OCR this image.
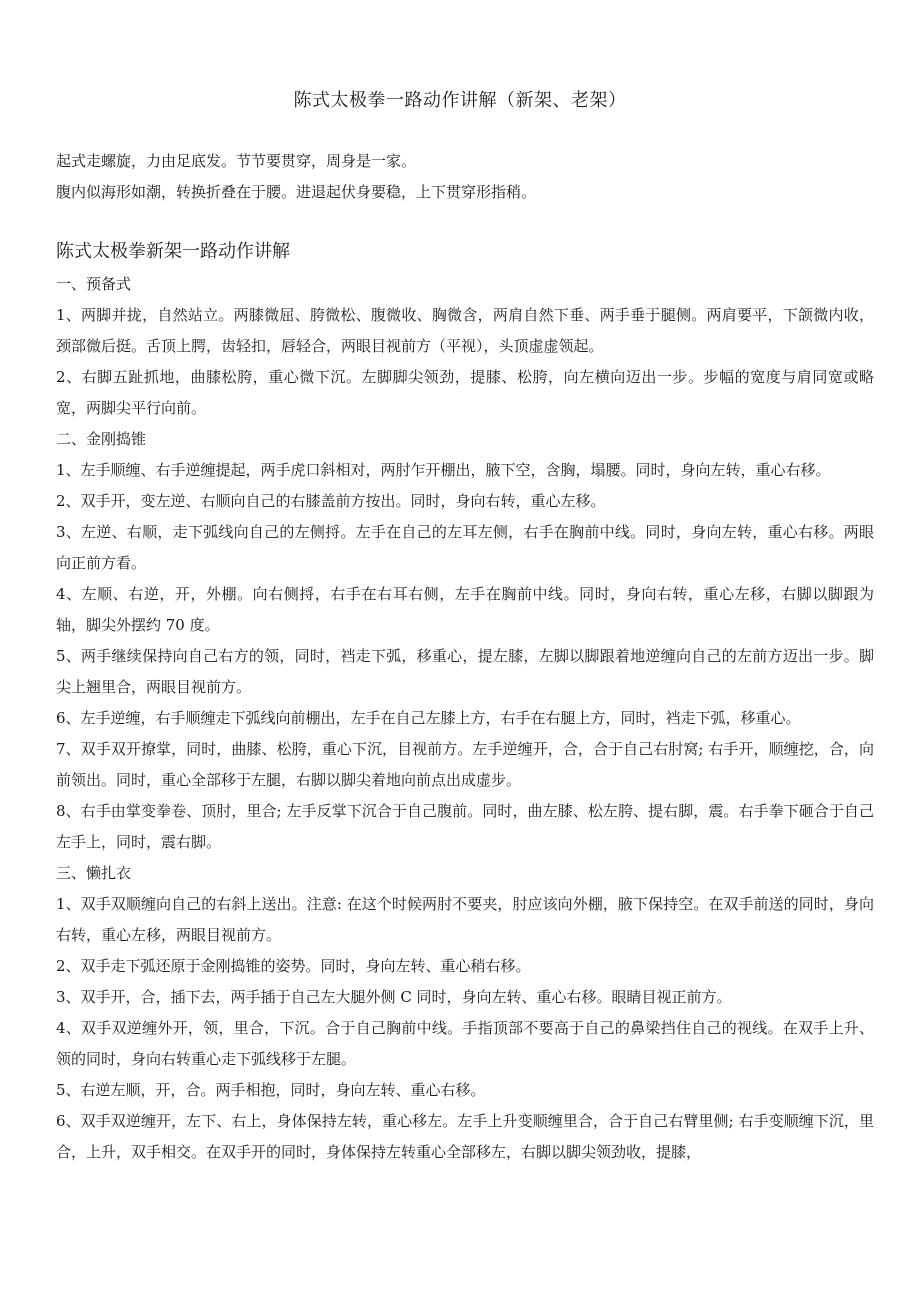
陈式太极拳一路动作讲解（新架、老架）

起式走螺旋，力由足底发。节节要贯穿，周身是一家。

腹内似海形如潮，转换折叠在于腰。进退起伏身要稳，上下贯穿形指稍。

陈式太极拳新架一路动作讲解

一、预备式

1、两脚并拢，自然站立。两膝微屈、胯微松、腹微收、胸微含，两肩自然下垂、两手垂于腿侧。两肩要平，下颌微内收，颈部微后挺。舌顶上腭，齿轻扣，唇轻合，两眼目视前方（平视），头顶虚虚领起。

2、右脚五趾抓地，曲膝松胯，重心微下沉。左脚脚尖领劲，提膝、松胯，向左横向迈出一步。步幅的宽度与肩同宽或略宽，两脚尖平行向前。

二、金刚捣锥

1、左手顺缠、右手逆缠提起，两手虎口斜相对，两肘乍开棚出，腋下空，含胸，塌腰。同时，身向左转，重心右移。

2、双手开，变左逆、右顺向自己的右膝盖前方按出。同时，身向右转，重心左移。

3、左逆、右顺，走下弧线向自己的左侧捋。左手在自己的左耳左侧，右手在胸前中线。同时，身向左转，重心右移。两眼向正前方看。

4、左顺、右逆，开，外棚。向右侧捋，右手在右耳右侧，左手在胸前中线。同时，身向右转，重心左移，右脚以脚跟为轴，脚尖外摆约 70 度。

5、两手继续保持向自己右方的领，同时，裆走下弧，移重心，提左膝，左脚以脚跟着地逆缠向自己的左前方迈出一步。脚尖上翘里合，两眼目视前方。

6、左手逆缠，右手顺缠走下弧线向前棚出，左手在自己左膝上方，右手在右腿上方，同时，裆走下弧，移重心。

7、双手双开撩掌，同时，曲膝、松胯，重心下沉，目视前方。左手逆缠开，合，合于自己右肘窝; 右手开，顺缠挖，合，向前领出。同时，重心全部移于左腿，右脚以脚尖着地向前点出成虚步。

8、右手由掌变拳卷、顶肘，里合; 左手反掌下沉合于自己腹前。同时，曲左膝、松左胯、提右脚，震。右手拳下砸合于自己左手上，同时，震右脚。

三、懒扎衣

1、双手双顺缠向自己的右斜上送出。注意: 在这个时候两肘不要夹，肘应该向外棚，腋下保持空。在双手前送的同时，身向右转，重心左移，两眼目视前方。

2、双手走下弧还原于金刚捣锥的姿势。同时，身向左转、重心稍右移。

3、双手开，合，插下去，两手插于自己左大腿外侧 C 同时，身向左转、重心右移。眼睛目视正前方。

4、双手双逆缠外开，领，里合，下沉。合于自己胸前中线。手指顶部不要高于自己的鼻梁挡住自己的视线。在双手上升、领的同时，身向右转重心走下弧线移于左腿。

5、右逆左顺，开，合。两手相抱，同时，身向左转、重心右移。

6、双手双逆缠开，左下、右上，身体保持左转，重心移左。左手上升变顺缠里合，合于自己右臂里侧; 右手变顺缠下沉，里合，上升，双手相交。在双手开的同时，身体保持左转重心全部移左，右脚以脚尖领劲收，提膝，
